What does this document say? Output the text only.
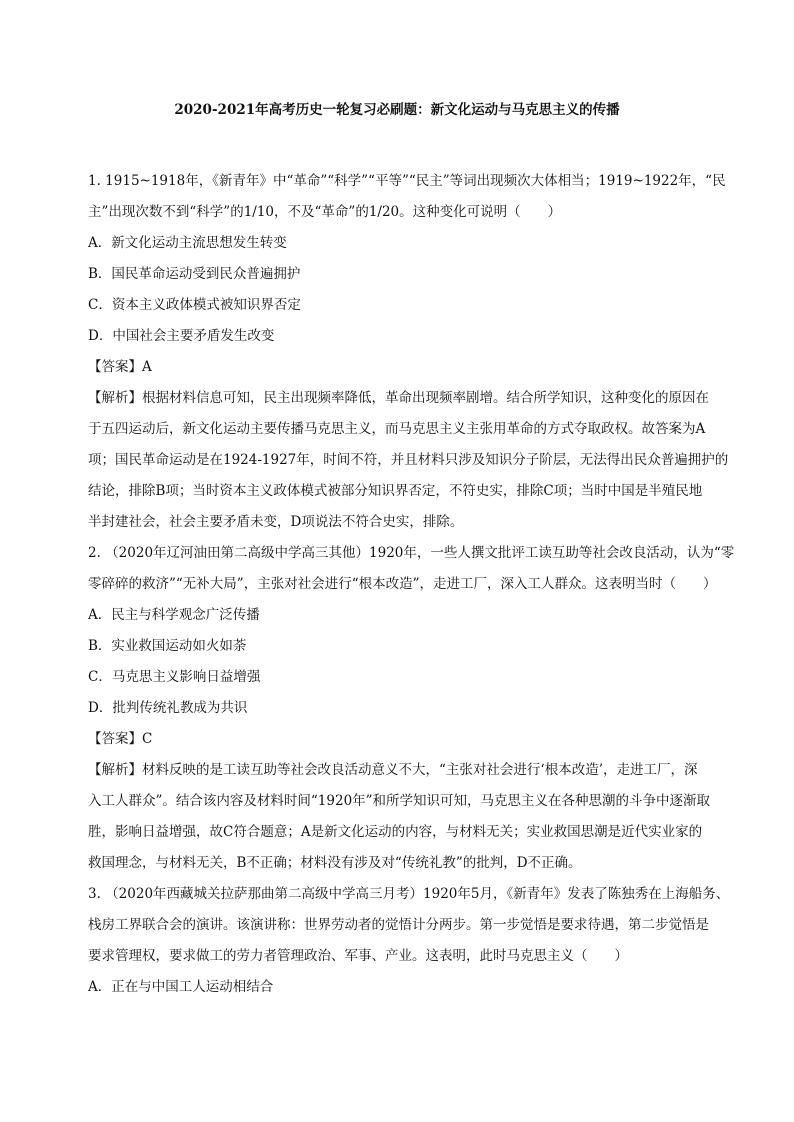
2020-2021年高考历史一轮复习必刷题：新文化运动与马克思主义的传播
1. 1915~1918年，《新青年》中“革命”“科学”“平等”“民主”等词出现频次大体相当；1919~1922年，“民
主”出现次数不到“科学”的1/10，不及“革命”的1/20。这种变化可说明（　　）
A．新文化运动主流思想发生转变
B．国民革命运动受到民众普遍拥护
C．资本主义政体模式被知识界否定
D．中国社会主要矛盾发生改变
【答案】A
【解析】根据材料信息可知，民主出现频率降低，革命出现频率剧增。结合所学知识，这种变化的原因在
于五四运动后，新文化运动主要传播马克思主义，而马克思主义主张用革命的方式夺取政权。故答案为A
项；国民革命运动是在1924-1927年，时间不符，并且材料只涉及知识分子阶层，无法得出民众普遍拥护的
结论，排除B项；当时资本主义政体模式被部分知识界否定，不符史实，排除C项；当时中国是半殖民地
半封建社会，社会主要矛盾未变，D项说法不符合史实，排除。
2. （2020年辽河油田第二高级中学高三其他）1920年，一些人撰文批评工读互助等社会改良活动，认为“零
零碎碎的救济”“无补大局”，主张对社会进行“根本改造”，走进工厂，深入工人群众。这表明当时（　　）
A．民主与科学观念广泛传播
B．实业救国运动如火如荼
C．马克思主义影响日益增强
D．批判传统礼教成为共识
【答案】C
【解析】材料反映的是工读互助等社会改良活动意义不大，“主张对社会进行‘根本改造’，走进工厂，深
入工人群众”。结合该内容及材料时间“1920年”和所学知识可知，马克思主义在各种思潮的斗争中逐渐取
胜，影响日益增强，故C符合题意；A是新文化运动的内容，与材料无关；实业救国思潮是近代实业家的
救国理念，与材料无关，B不正确；材料没有涉及对“传统礼教”的批判，D不正确。
3. （2020年西藏城关拉萨那曲第二高级中学高三月考）1920年5月，《新青年》发表了陈独秀在上海船务、
栈房工界联合会的演讲。该演讲称：世界劳动者的觉悟计分两步。第一步觉悟是要求待遇，第二步觉悟是
要求管理权，要求做工的劳力者管理政治、军事、产业。这表明，此时马克思主义（　　）
A．正在与中国工人运动相结合
